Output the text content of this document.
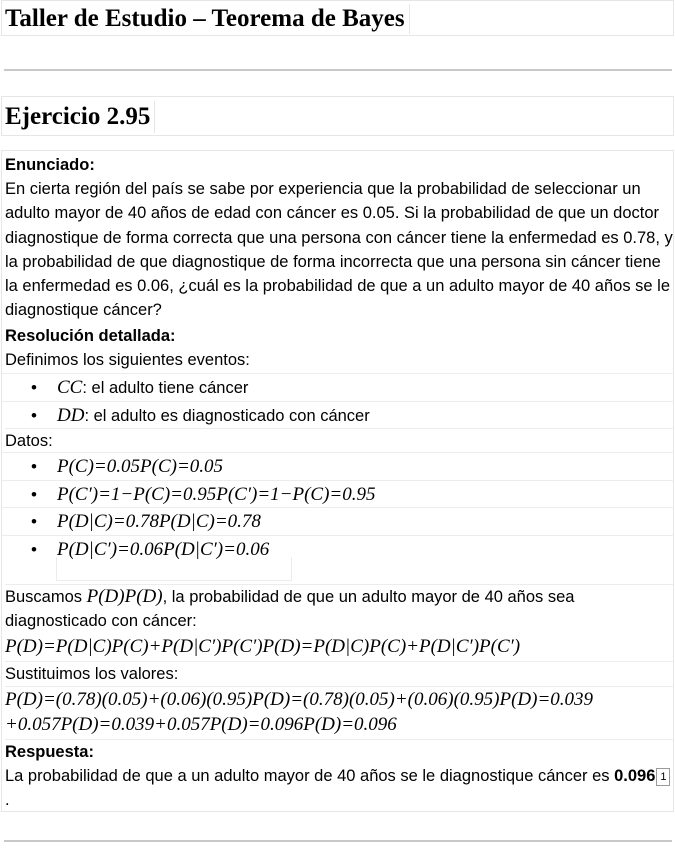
Taller de Estudio – Teorema de Bayes
Ejercicio 2.95
Enunciado:
En cierta región del país se sabe por experiencia que la probabilidad de seleccionar un adulto mayor de 40 años de edad con cáncer es 0.05. Si la probabilidad de que un doctor diagnostique de forma correcta que una persona con cáncer tiene la enfermedad es 0.78, y la probabilidad de que diagnostique de forma incorrecta que una persona sin cáncer tiene la enfermedad es 0.06, ¿cuál es la probabilidad de que a un adulto mayor de 40 años se le diagnostique cáncer?
Resolución detallada:
Definimos los siguientes eventos:
• CC: el adulto tiene cáncer
• DD: el adulto es diagnosticado con cáncer
Datos:
• P(C)=0.05P(C)=0.05
• P(C′)=1−P(C)=0.95P(C′)=1−P(C)=0.95
• P(D|C)=0.78P(D|C)=0.78
• P(D|C′)=0.06P(D|C′)=0.06
Buscamos P(D)P(D), la probabilidad de que un adulto mayor de 40 años sea diagnosticado con cáncer:
P(D)=P(D|C)P(C)+P(D|C′)P(C′)P(D)=P(D|C)P(C)+P(D|C′)P(C′)
Sustituimos los valores:
P(D)=(0.78)(0.05)+(0.06)(0.95)P(D)=(0.78)(0.05)+(0.06)(0.95)P(D)=0.039
+0.057P(D)=0.039+0.057P(D)=0.096P(D)=0.096
Respuesta:
La probabilidad de que a un adulto mayor de 40 años se le diagnostique cáncer es 0.096 1.
